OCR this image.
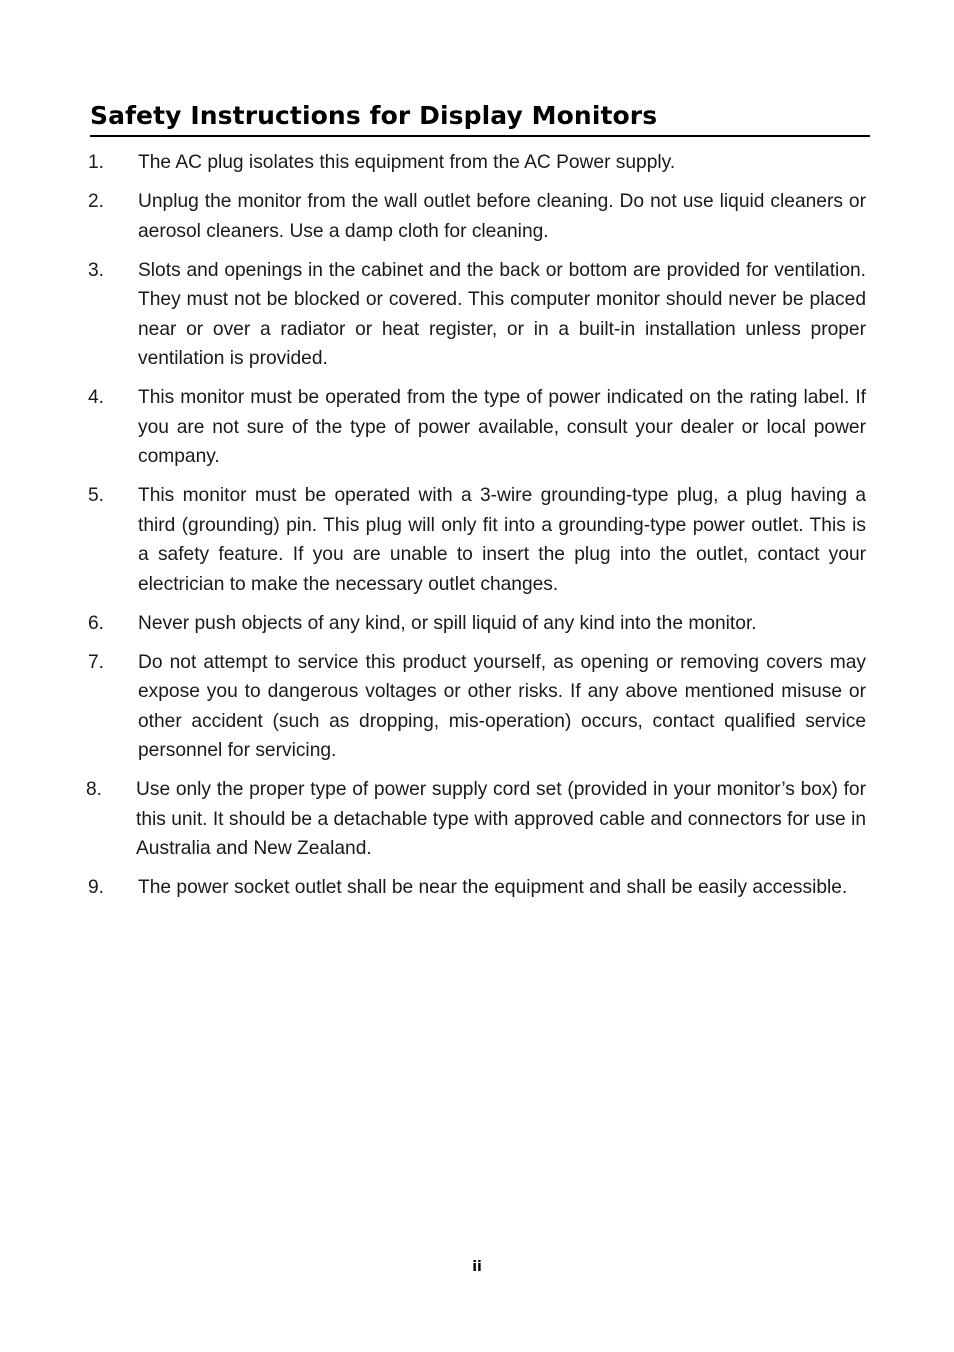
Safety Instructions for Display Monitors
1. The AC plug isolates this equipment from the AC Power supply.
2. Unplug the monitor from the wall outlet before cleaning. Do not use liquid cleaners or aerosol cleaners. Use a damp cloth for cleaning.
3. Slots and openings in the cabinet and the back or bottom are provided for ventilation. They must not be blocked or covered. This computer monitor should never be placed near or over a radiator or heat register, or in a built-in installation unless proper ventilation is provided.
4. This monitor must be operated from the type of power indicated on the rating label. If you are not sure of the type of power available, consult your dealer or local power company.
5. This monitor must be operated with a 3-wire grounding-type plug, a plug having a third (grounding) pin. This plug will only fit into a grounding-type power outlet. This is a safety feature. If you are unable to insert the plug into the outlet, contact your electrician to make the necessary outlet changes.
6. Never push objects of any kind, or spill liquid of any kind into the monitor.
7. Do not attempt to service this product yourself, as opening or removing covers may expose you to dangerous voltages or other risks. If any above mentioned misuse or other accident (such as dropping, mis-operation) occurs, contact qualified service personnel for servicing.
8. Use only the proper type of power supply cord set (provided in your monitor’s box) for this unit. It should be a detachable type with approved cable and connectors for use in Australia and New Zealand.
9. The power socket outlet shall be near the equipment and shall be easily accessible.
ii
